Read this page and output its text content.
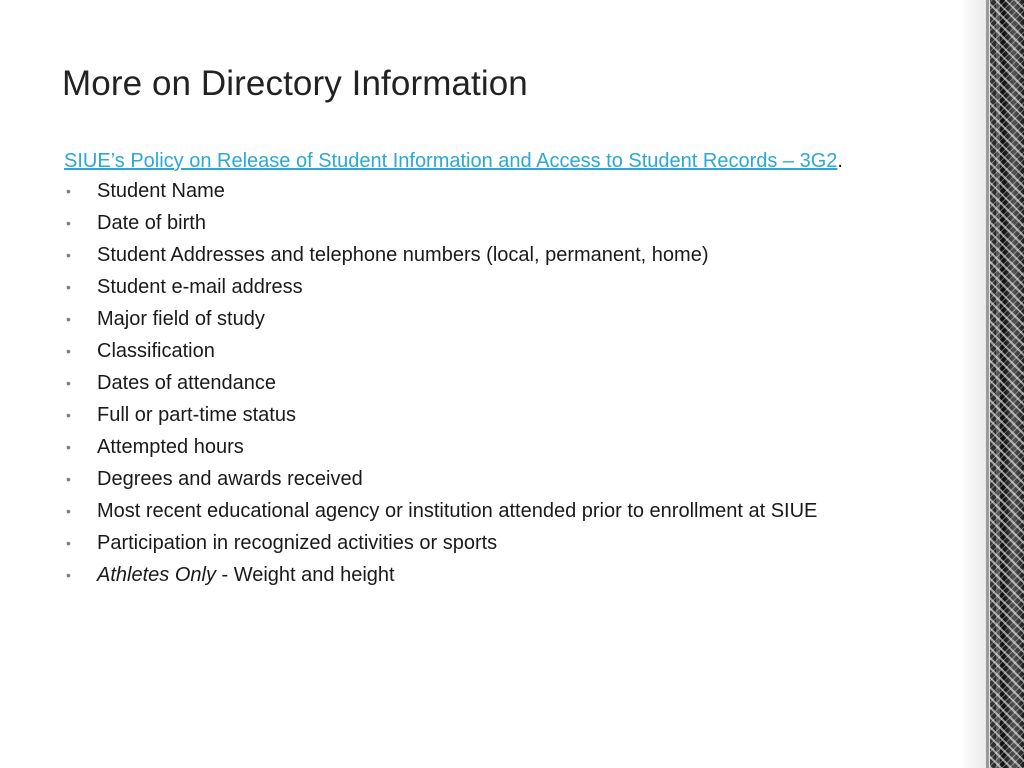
More on Directory Information

SIUE’s Policy on Release of Student Information and Access to Student Records – 3G2.

• Student Name
• Date of birth
• Student Addresses and telephone numbers (local, permanent, home)
• Student e-mail address
• Major field of study
• Classification
• Dates of attendance
• Full or part-time status
• Attempted hours
• Degrees and awards received
• Most recent educational agency or institution attended prior to enrollment at SIUE
• Participation in recognized activities or sports
• Athletes Only - Weight and height
